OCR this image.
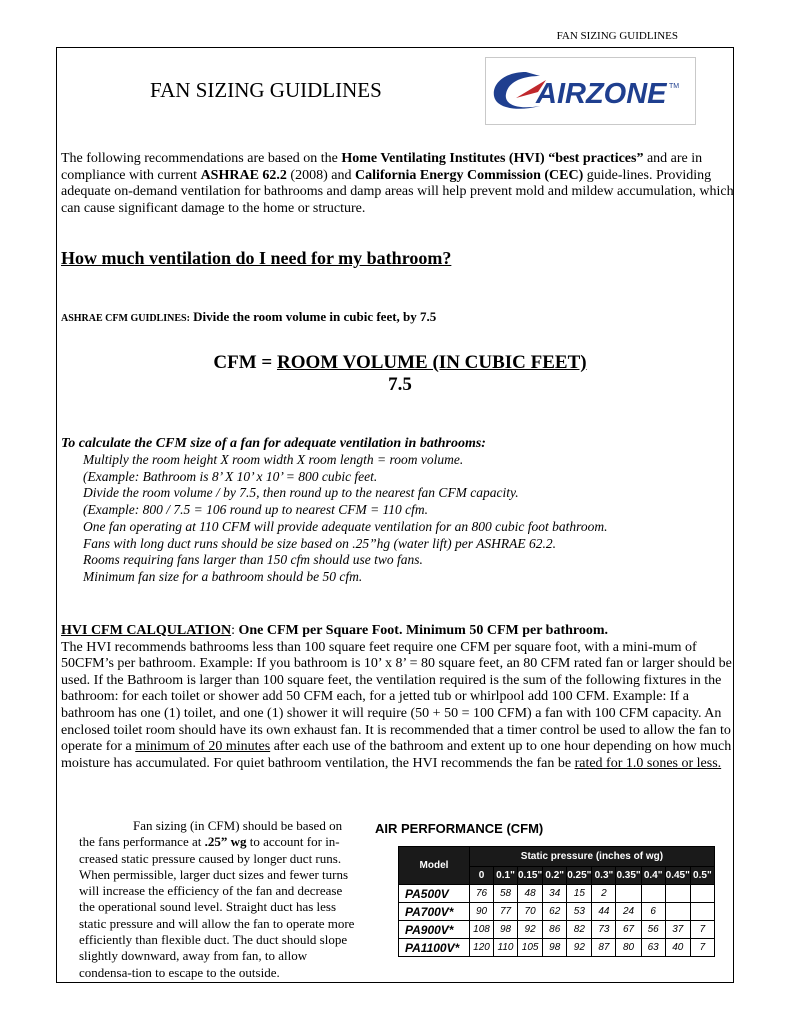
FAN SIZING GUIDLINES
FAN SIZING GUIDLINES	AIRZONE TM
The following recommendations are based on the Home Ventilating Institutes (HVI) “best practices” and are in compliance with current ASHRAE 62.2 (2008) and California Energy Commission (CEC) guide-lines. Providing adequate on-demand ventilation for bathrooms and damp areas will help prevent mold and mildew accumulation, which can cause significant damage to the home or structure.
How much ventilation do I need for my bathroom?
ASHRAE CFM GUIDLINES: Divide the room volume in cubic feet, by 7.5
CFM = ROOM VOLUME (IN CUBIC FEET)
7.5
To calculate the CFM size of a fan for adequate ventilation in bathrooms:
Multiply the room height X room width X room length = room volume.
(Example: Bathroom is 8’ X 10’ x 10’ = 800 cubic feet.
Divide the room volume / by 7.5, then round up to the nearest fan CFM capacity.
(Example: 800 / 7.5 = 106 round up to nearest CFM = 110 cfm.
One fan operating at 110 CFM will provide adequate ventilation for an 800 cubic foot bathroom.
Fans with long duct runs should be size based on .25”hg (water lift) per ASHRAE 62.2.
Rooms requiring fans larger than 150 cfm should use two fans.
Minimum fan size for a bathroom should be 50 cfm.
HVI CFM CALQULATION: One CFM per Square Foot. Minimum 50 CFM per bathroom.
The HVI recommends bathrooms less than 100 square feet require one CFM per square foot, with a mini-mum of 50CFM’s per bathroom. Example: If you bathroom is 10’ x 8’ = 80 square feet, an 80 CFM rated fan or larger should be used. If the Bathroom is larger than 100 square feet, the ventilation required is the sum of the following fixtures in the bathroom: for each toilet or shower add 50 CFM each, for a jetted tub or whirlpool add 100 CFM. Example: If a bathroom has one (1) toilet, and one (1) shower it will require (50 + 50 = 100 CFM) a fan with 100 CFM capacity. An enclosed toilet room should have its own exhaust fan. It is recommended that a timer control be used to allow the fan to operate for a minimum of 20 minutes after each use of the bathroom and extent up to one hour depending on how much moisture has accumulated. For quiet bathroom ventilation, the HVI recommends the fan be rated for 1.0 sones or less.
Fan sizing (in CFM) should be based on the fans performance at .25” wg to account for in-creased static pressure caused by longer duct runs. When permissible, larger duct sizes and fewer turns will increase the efficiency of the fan and decrease the operational sound level. Straight duct has less static pressure and will allow the fan to operate more efficiently than flexible duct. The duct should slope slightly downward, away from fan, to allow condensa-tion to escape to the outside.
AIR PERFORMANCE (CFM)
Model	Static pressure (inches of wg)									
	0	0.1"	0.15"	0.2"	0.25"	0.3"	0.35"	0.4"	0.45"	0.5"
PA500V	76	58	48	34	15	2				
PA700V*	90	77	70	62	53	44	24	6		
PA900V*	108	98	92	86	82	73	67	56	37	7
PA1100V*	120	110	105	98	92	87	80	63	40	7
